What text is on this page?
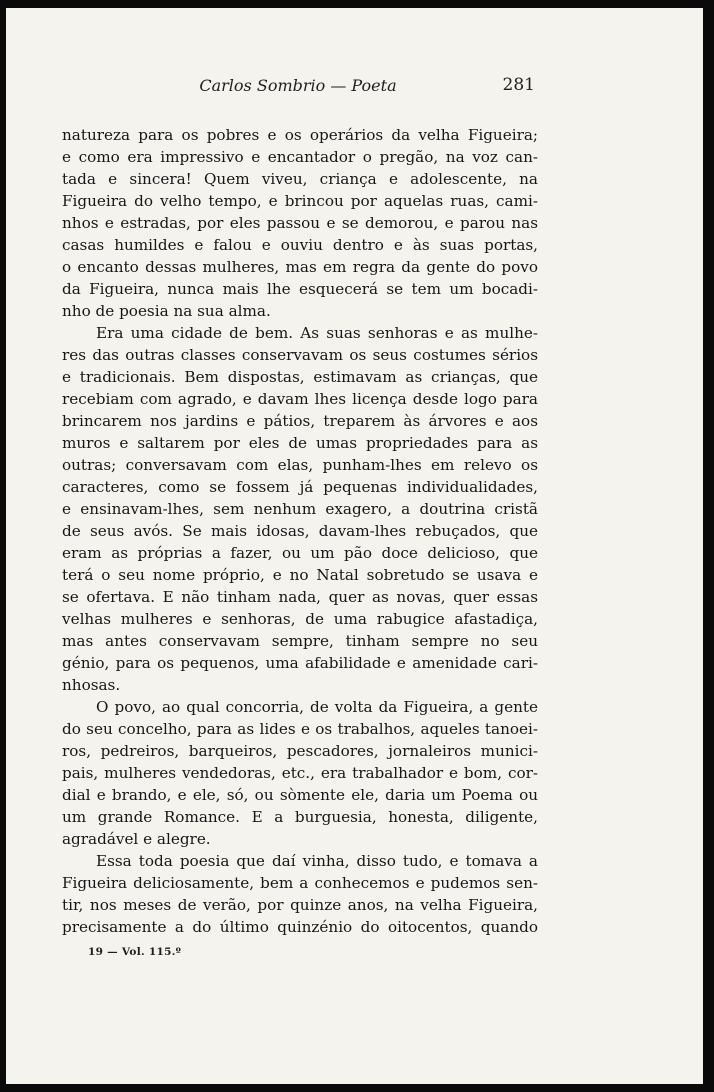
Carlos Sombrio — Poeta	281

natureza para os pobres e os operários da velha Figueira;
e como era impressivo e encantador o pregão, na voz can-
tada e sincera! Quem viveu, criança e adolescente, na
Figueira do velho tempo, e brincou por aquelas ruas, cami-
nhos e estradas, por eles passou e se demorou, e parou nas
casas humildes e falou e ouviu dentro e às suas portas,
o encanto dessas mulheres, mas em regra da gente do povo
da Figueira, nunca mais lhe esquecerá se tem um bocadi-
nho de poesia na sua alma.

Era uma cidade de bem. As suas senhoras e as mulhe-
res das outras classes conservavam os seus costumes sérios
e tradicionais. Bem dispostas, estimavam as crianças, que
recebiam com agrado, e davam lhes licença desde logo para
brincarem nos jardins e pátios, treparem às árvores e aos
muros e saltarem por eles de umas propriedades para as
outras; conversavam com elas, punham-lhes em relevo os
caracteres, como se fossem já pequenas individualidades,
e ensinavam-lhes, sem nenhum exagero, a doutrina cristã
de seus avós. Se mais idosas, davam-lhes rebuçados, que
eram as próprias a fazer, ou um pão doce delicioso, que
terá o seu nome próprio, e no Natal sobretudo se usava e
se ofertava. E não tinham nada, quer as novas, quer essas
velhas mulheres e senhoras, de uma rabugice afastadiça,
mas antes conservavam sempre, tinham sempre no seu
génio, para os pequenos, uma afabilidade e amenidade cari-
nhosas.

O povo, ao qual concorria, de volta da Figueira, a gente
do seu concelho, para as lides e os trabalhos, aqueles tanoei-
ros, pedreiros, barqueiros, pescadores, jornaleiros munici-
pais, mulheres vendedoras, etc., era trabalhador e bom, cor-
dial e brando, e ele, só, ou sòmente ele, daria um Poema ou
um grande Romance. E a burguesia, honesta, diligente,
agradável e alegre.

Essa toda poesia que daí vinha, disso tudo, e tomava a
Figueira deliciosamente, bem a conhecemos e pudemos sen-
tir, nos meses de verão, por quinze anos, na velha Figueira,
precisamente a do último quinzénio do oitocentos, quando

19 — Vol. 115.º
